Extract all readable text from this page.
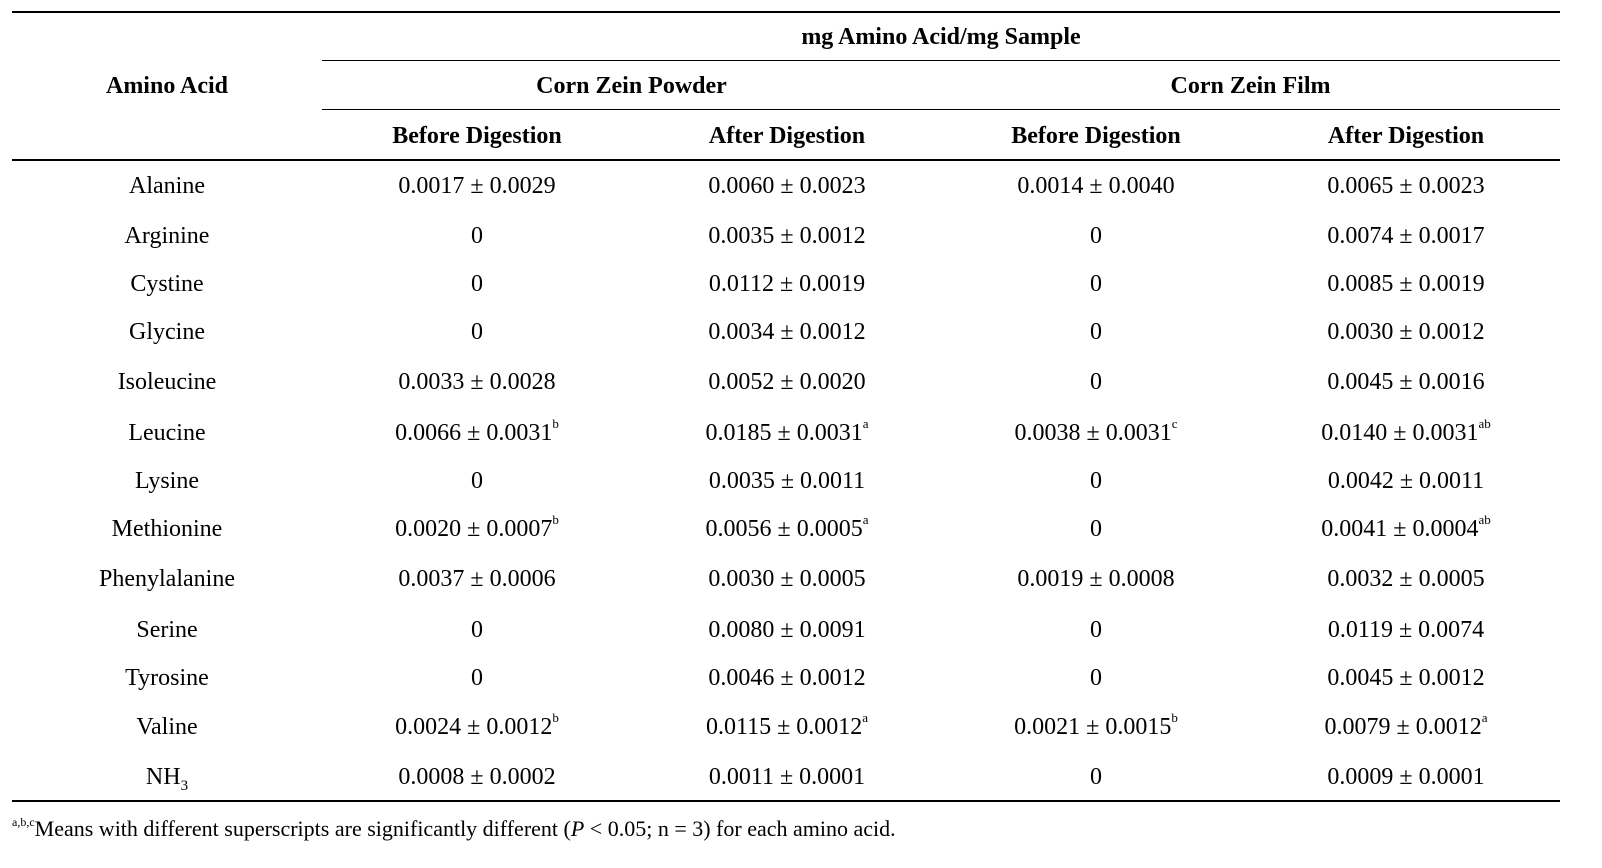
Amino Acid
mg Amino Acid/mg Sample
Corn Zein Powder	Corn Zein Film
Before Digestion	After Digestion	Before Digestion	After Digestion
Alanine	0.0017 ± 0.0029	0.0060 ± 0.0023	0.0014 ± 0.0040	0.0065 ± 0.0023
Arginine	0	0.0035 ± 0.0012	0	0.0074 ± 0.0017
Cystine	0	0.0112 ± 0.0019	0	0.0085 ± 0.0019
Glycine	0	0.0034 ± 0.0012	0	0.0030 ± 0.0012
Isoleucine	0.0033 ± 0.0028	0.0052 ± 0.0020	0	0.0045 ± 0.0016
Leucine	0.0066 ± 0.0031$^b$	0.0185 ± 0.0031$^a$	0.0038 ± 0.0031$^c$	0.0140 ± 0.0031$^{ab}$
Lysine	0	0.0035 ± 0.0011	0	0.0042 ± 0.0011
Methionine	0.0020 ± 0.0007$^b$	0.0056 ± 0.0005$^a$	0	0.0041 ± 0.0004$^{ab}$
Phenylalanine	0.0037 ± 0.0006	0.0030 ± 0.0005	0.0019 ± 0.0008	0.0032 ± 0.0005
Serine	0	0.0080 ± 0.0091	0	0.0119 ± 0.0074
Tyrosine	0	0.0046 ± 0.0012	0	0.0045 ± 0.0012
Valine	0.0024 ± 0.0012$^b$	0.0115 ± 0.0012$^a$	0.0021 ± 0.0015$^b$	0.0079 ± 0.0012$^a$
$NH_3$	0.0008 ± 0.0002	0.0011 ± 0.0001	0	0.0009 ± 0.0001
$^{a,b,c}$Means with different superscripts are significantly different (P < 0.05; n = 3) for each amino acid.
